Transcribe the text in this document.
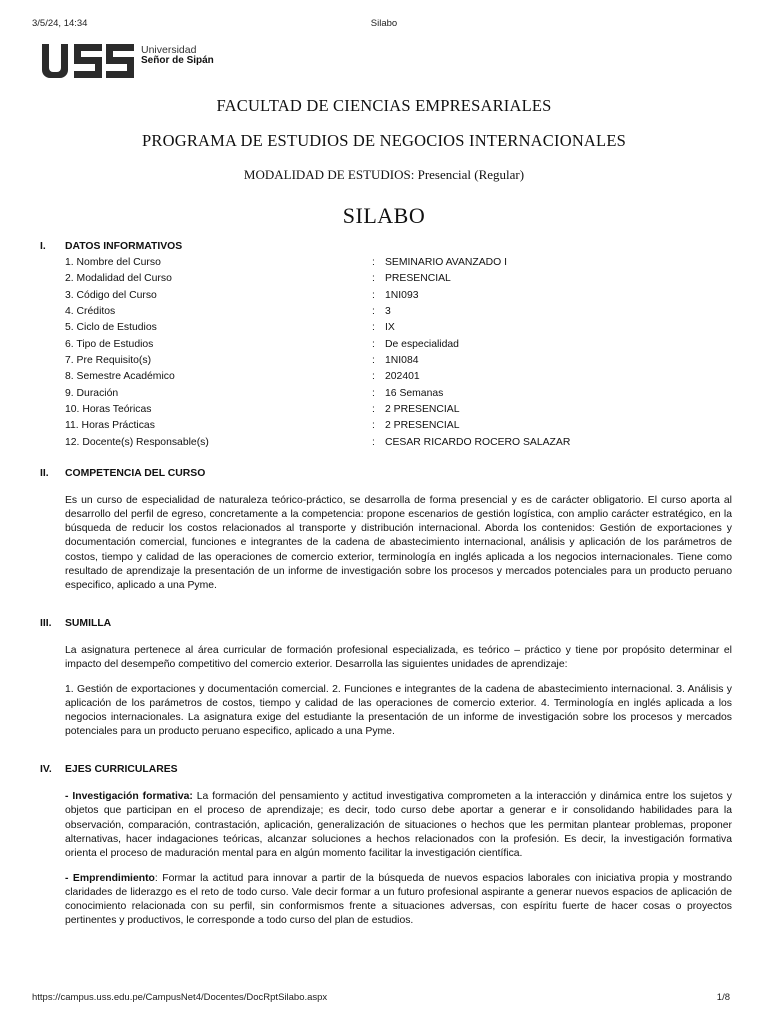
3/5/24, 14:34	Silabo
Universidad
Señor de Sipán
FACULTAD DE CIENCIAS EMPRESARIALES
PROGRAMA DE ESTUDIOS DE NEGOCIOS INTERNACIONALES
MODALIDAD DE ESTUDIOS: Presencial (Regular)
SILABO
I. DATOS INFORMATIVOS
1. Nombre del Curso	: SEMINARIO AVANZADO I
2. Modalidad del Curso	: PRESENCIAL
3. Código del Curso	: 1NI093
4. Créditos	: 3
5. Ciclo de Estudios	: IX
6. Tipo de Estudios	: De especialidad
7. Pre Requisito(s)	: 1NI084
8. Semestre Académico	: 202401
9. Duración	: 16 Semanas
10. Horas Teóricas	: 2 PRESENCIAL
11. Horas Prácticas	: 2 PRESENCIAL
12. Docente(s) Responsable(s)	: CESAR RICARDO ROCERO SALAZAR
II. COMPETENCIA DEL CURSO

Es un curso de especialidad de naturaleza teórico-práctico, se desarrolla de forma presencial y es de carácter obligatorio. El curso aporta al desarrollo del perfil de egreso, concretamente a la competencia: propone escenarios de gestión logística, con amplio carácter estratégico, en la búsqueda de reducir los costos relacionados al transporte y distribución internacional. Aborda los contenidos: Gestión de exportaciones y documentación comercial, funciones e integrantes de la cadena de abastecimiento internacional, análisis y aplicación de los parámetros de costos, tiempo y calidad de las operaciones de comercio exterior, terminología en inglés aplicada a los negocios internacionales. Tiene como resultado de aprendizaje la presentación de un informe de investigación sobre los procesos y mercados potenciales para un producto peruano especifico, aplicado a una Pyme.

III. SUMILLA

La asignatura pertenece al área curricular de formación profesional especializada, es teórico – práctico y tiene por propósito determinar el impacto del desempeño competitivo del comercio exterior. Desarrolla las siguientes unidades de aprendizaje:

1. Gestión de exportaciones y documentación comercial. 2. Funciones e integrantes de la cadena de abastecimiento internacional. 3. Análisis y aplicación de los parámetros de costos, tiempo y calidad de las operaciones de comercio exterior. 4. Terminología en inglés aplicada a los negocios internacionales. La asignatura exige del estudiante la presentación de un informe de investigación sobre los procesos y mercados potenciales para un producto peruano especifico, aplicado a una Pyme.

IV. EJES CURRICULARES

- Investigación formativa: La formación del pensamiento y actitud investigativa comprometen a la interacción y dinámica entre los sujetos y objetos que participan en el proceso de aprendizaje; es decir, todo curso debe aportar a generar e ir consolidando habilidades para la observación, comparación, contrastación, aplicación, generalización de situaciones o hechos que les permitan plantear problemas, proponer alternativas, hacer indagaciones teóricas, alcanzar soluciones a hechos relacionados con la profesión. Es decir, la investigación formativa orienta el proceso de maduración mental para en algún momento facilitar la investigación científica.

- Emprendimiento: Formar la actitud para innovar a partir de la búsqueda de nuevos espacios laborales con iniciativa propia y mostrando claridades de liderazgo es el reto de todo curso. Vale decir formar a un futuro profesional aspirante a generar nuevos espacios de aplicación de conocimiento relacionada con su perfil, sin conformismos frente a situaciones adversas, con espíritu fuerte de hacer cosas o proyectos pertinentes y productivos, le corresponde a todo curso del plan de estudios.

https://campus.uss.edu.pe/CampusNet4/Docentes/DocRptSilabo.aspx	1/8
